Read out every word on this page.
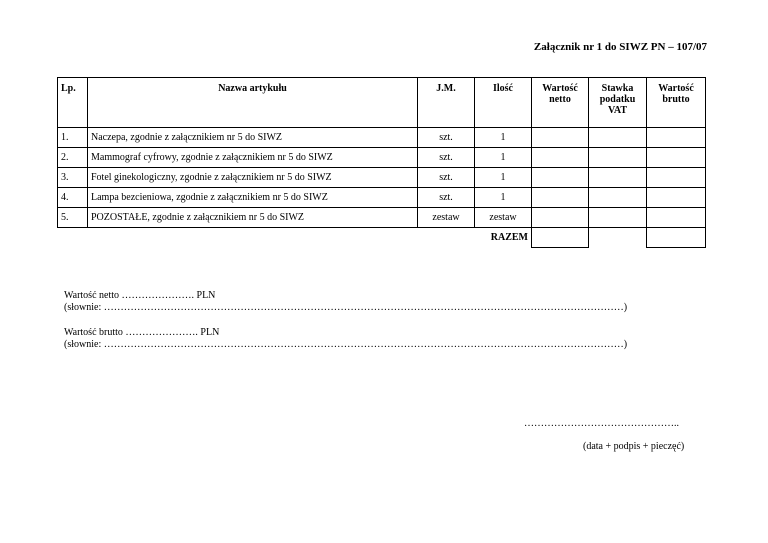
Załącznik nr 1 do SIWZ PN – 107/07
Lp.	Nazwa artykułu	J.M.	Ilość	Wartość netto	Stawka podatku VAT	Wartość brutto
1.	Naczepa, zgodnie z załącznikiem nr 5 do SIWZ	szt.	1			
2.	Mammograf cyfrowy, zgodnie z załącznikiem nr 5 do SIWZ	szt.	1			
3.	Fotel ginekologiczny, zgodnie z załącznikiem nr 5 do SIWZ	szt.	1			
4.	Lampa bezcieniowa, zgodnie z załącznikiem nr 5 do SIWZ	szt.	1			
5.	POZOSTAŁE, zgodnie z załącznikiem nr 5 do SIWZ	zestaw	zestaw			
			RAZEM			
Wartość netto …………………. PLN
(słownie: …………………………………………………………………………………………………………………………………………)
Wartość brutto …………………. PLN
(słownie: …………………………………………………………………………………………………………………………………………)
………………………………………..
(data + podpis + pieczęć)
